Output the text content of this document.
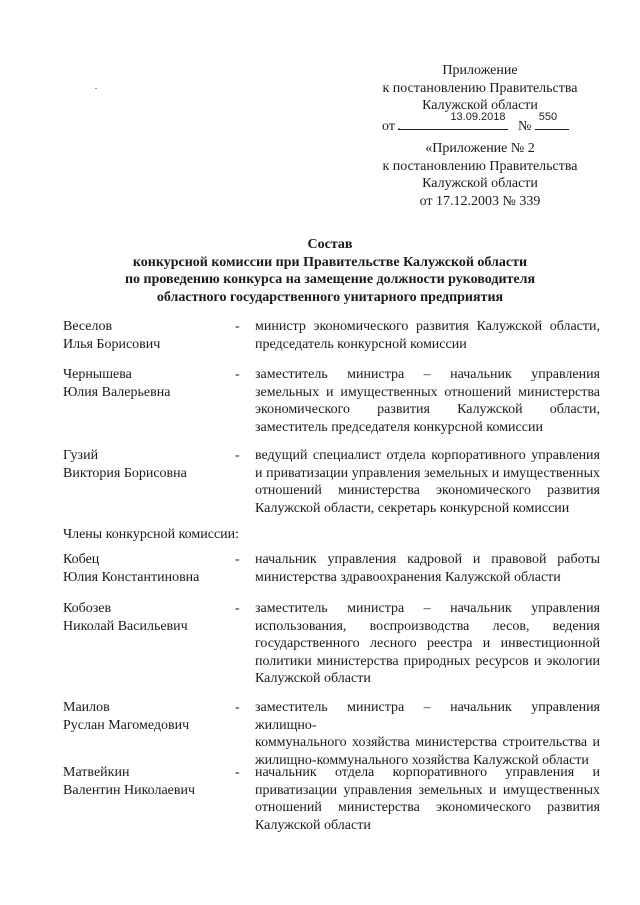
Приложение
к постановлению Правительства
Калужской области
от
13.09.2018
№
550
«Приложение № 2
к постановлению Правительства
Калужской области
от 17.12.2003 № 339
Состав
конкурсной комиссии при Правительстве Калужской области
по проведению конкурса на замещение должности руководителя
областного государственного унитарного предприятия
Веселов
Илья Борисович
- министр экономического развития Калужской области,
председатель конкурсной комиссии
Чернышева
Юлия Валерьевна
- заместитель министра – начальник управления
земельных и имущественных отношений министерства
экономического развития Калужской области,
заместитель председателя конкурсной комиссии
Гузий
Виктория Борисовна
- ведущий специалист отдела корпоративного управления
и приватизации управления земельных и имущественных
отношений министерства экономического развития
Калужской области, секретарь конкурсной комиссии
Члены конкурсной комиссии:
Кобец
Юлия Константиновна
- начальник управления кадровой и правовой работы
министерства здравоохранения Калужской области
Кобозев
Николай Васильевич
- заместитель министра – начальник управления
использования, воспроизводства лесов, ведения
государственного лесного реестра и инвестиционной
политики министерства природных ресурсов и экологии
Калужской области
Маилов
Руслан Магомедович
- заместитель министра – начальник управления жилищно-
коммунального хозяйства министерства строительства и
жилищно-коммунального хозяйства Калужской области
Матвейкин
Валентин Николаевич
- начальник отдела корпоративного управления и
приватизации управления земельных и имущественных
отношений министерства экономического развития
Калужской области
